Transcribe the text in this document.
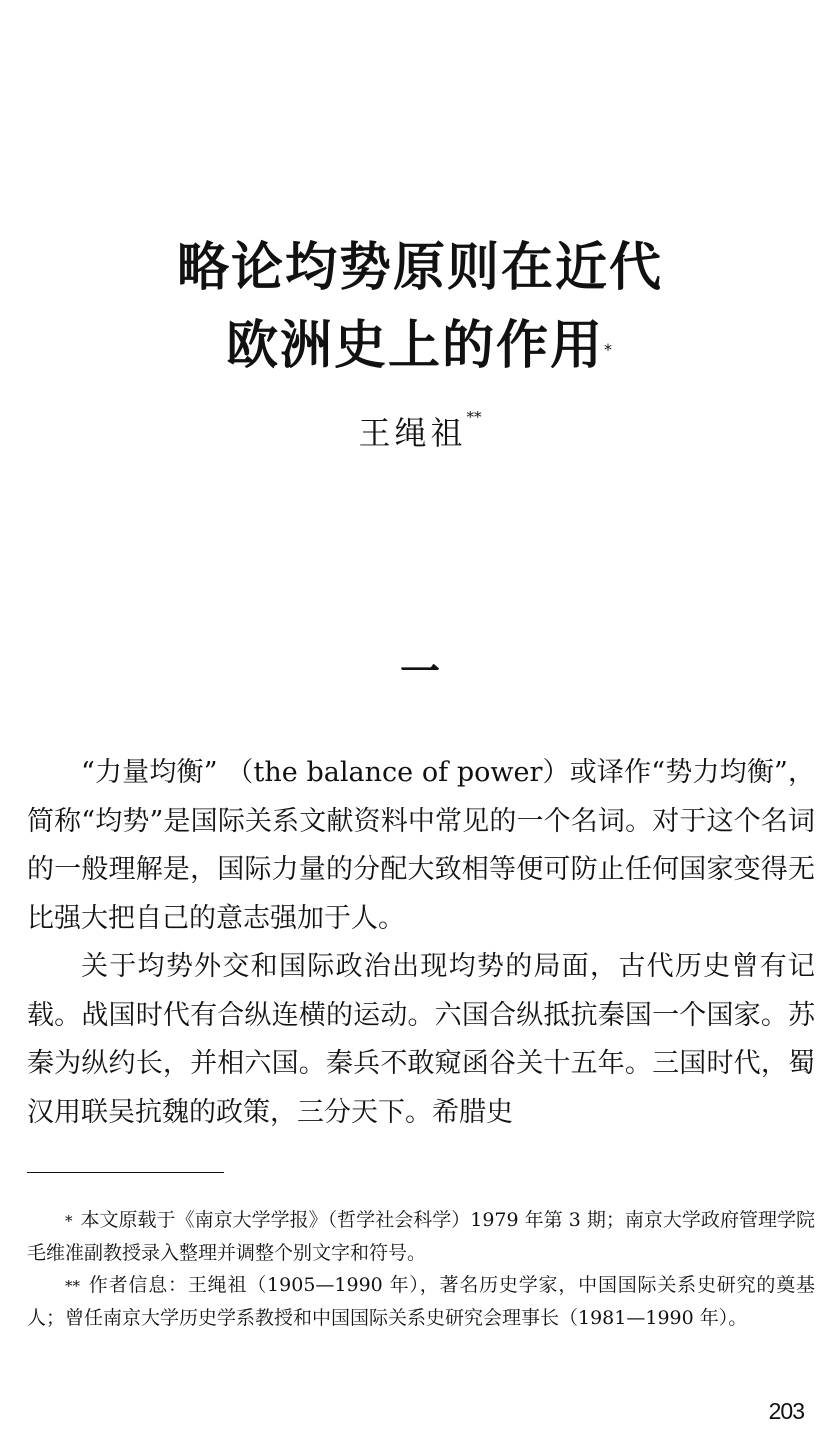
略论均势原则在近代
欧洲史上的作用*
王绳祖**
一

“力量均衡” （the balance of power）或译作“势力均衡”，简称“均势”是国际关系文献资料中常见的一个名词。对于这个名词的一般理解是，国际力量的分配大致相等便可防止任何国家变得无比强大把自己的意志强加于人。

关于均势外交和国际政治出现均势的局面，古代历史曾有记载。战国时代有合纵连横的运动。六国合纵抵抗秦国一个国家。苏秦为纵约长，并相六国。秦兵不敢窥函谷关十五年。三国时代，蜀汉用联吴抗魏的政策，三分天下。希腊史

* 本文原载于《南京大学学报》（哲学社会科学）1979 年第 3 期；南京大学政府管理学院毛维准副教授录入整理并调整个别文字和符号。

** 作者信息：王绳祖（1905—1990 年），著名历史学家，中国国际关系史研究的奠基人；曾任南京大学历史学系教授和中国国际关系史研究会理事长（1981—1990 年）。

203
